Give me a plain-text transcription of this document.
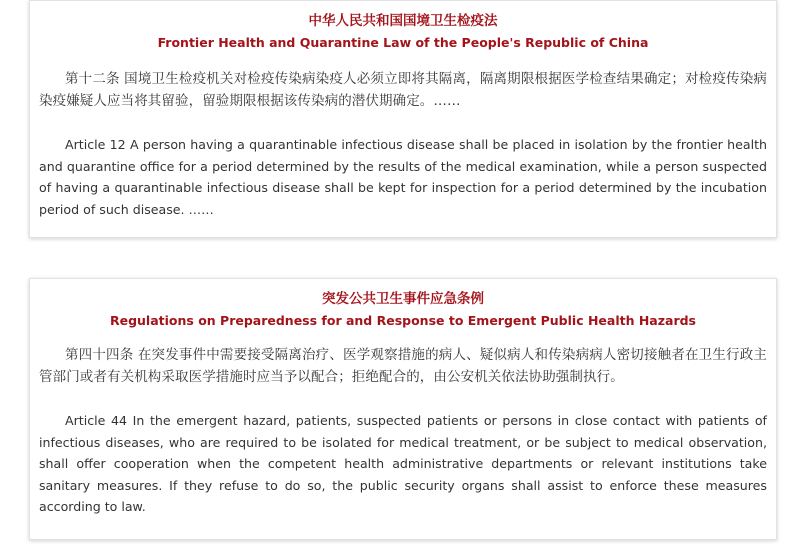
中华人民共和国国境卫生检疫法

Frontier Health and Quarantine Law of the People's Republic of China

第十二条 国境卫生检疫机关对检疫传染病染疫人必须立即将其隔离，隔离期限根据医学检查结果确定；对检疫传染病染疫嫌疑人应当将其留验，留验期限根据该传染病的潜伏期确定。……

Article 12 A person having a quarantinable infectious disease shall be placed in isolation by the frontier health and quarantine office for a period determined by the results of the medical examination, while a person suspected of having a quarantinable infectious disease shall be kept for inspection for a period determined by the incubation period of such disease. ……

突发公共卫生事件应急条例

Regulations on Preparedness for and Response to Emergent Public Health Hazards

第四十四条 在突发事件中需要接受隔离治疗、医学观察措施的病人、疑似病人和传染病病人密切接触者在卫生行政主管部门或者有关机构采取医学措施时应当予以配合；拒绝配合的，由公安机关依法协助强制执行。

Article 44 In the emergent hazard, patients, suspected patients or persons in close contact with patients of infectious diseases, who are required to be isolated for medical treatment, or be subject to medical observation, shall offer cooperation when the competent health administrative departments or relevant institutions take sanitary measures. If they refuse to do so, the public security organs shall assist to enforce these measures according to law.
